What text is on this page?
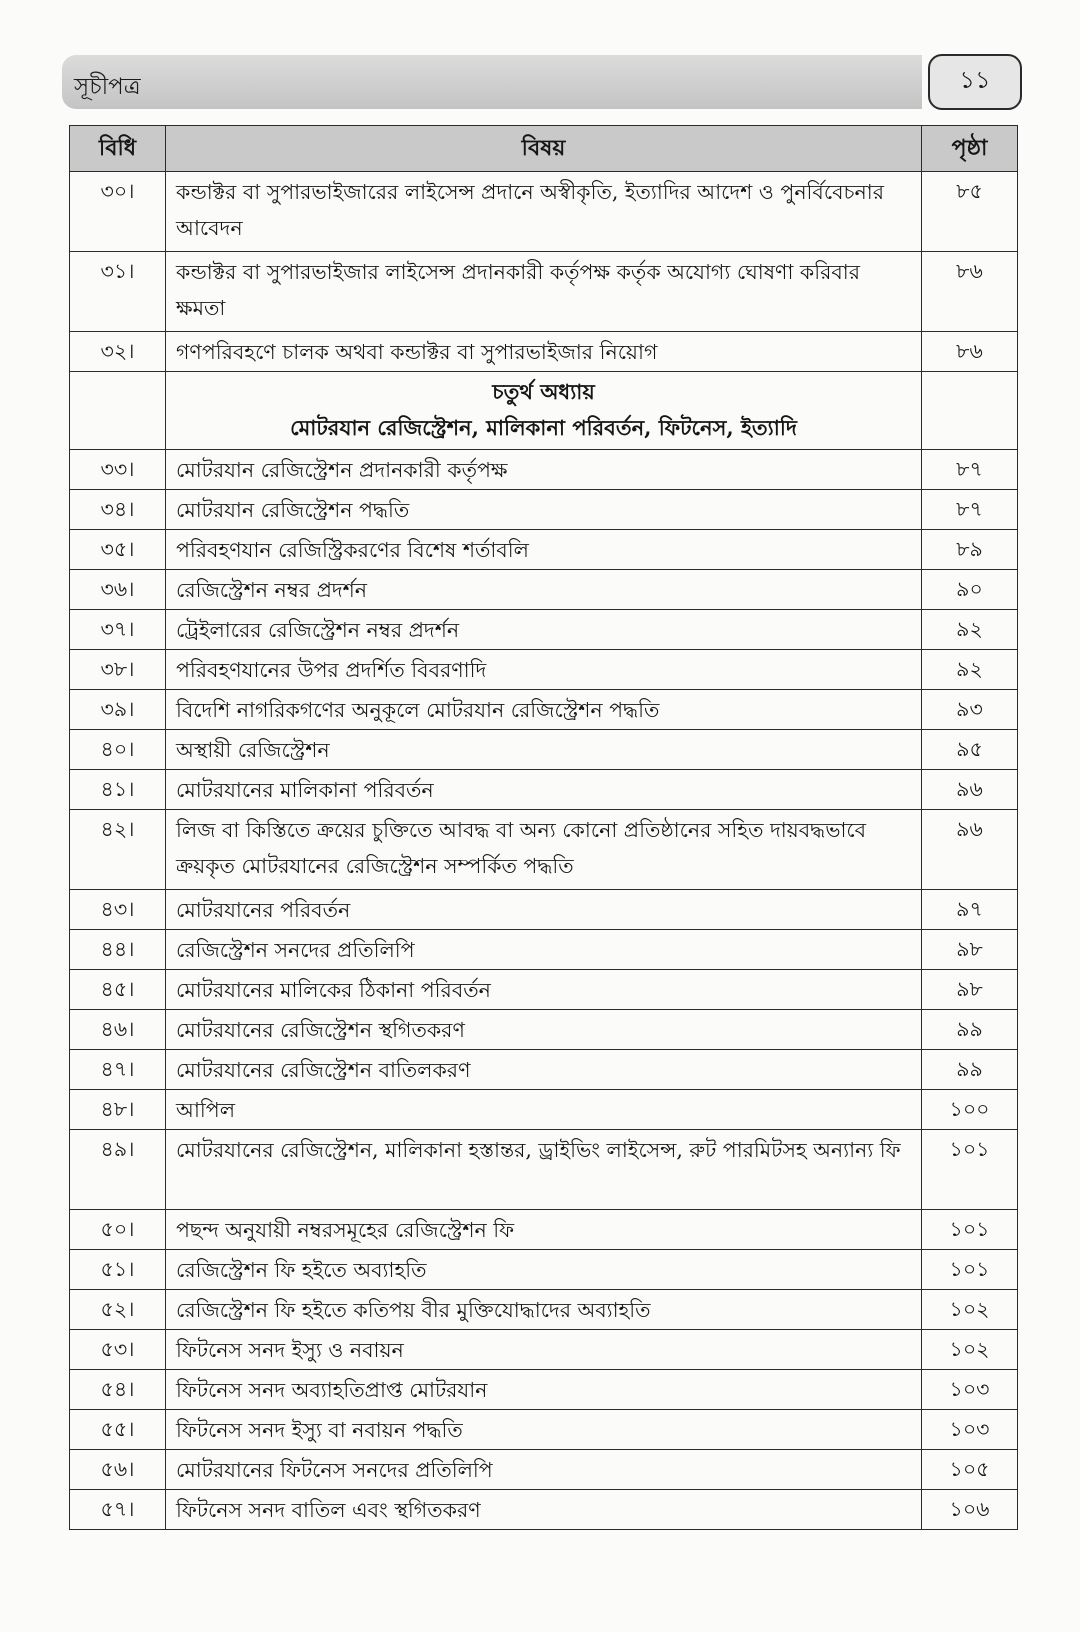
সূচীপত্র	১১
বিধি	বিষয়	পৃষ্ঠা
৩০।	কন্ডাক্টর বা সুপারভাইজারের লাইসেন্স প্রদানে অস্বীকৃতি, ইত্যাদির আদেশ ও পুনর্বিবেচনার আবেদন	৮৫
৩১।	কন্ডাক্টর বা সুপারভাইজার লাইসেন্স প্রদানকারী কর্তৃপক্ষ কর্তৃক অযোগ্য ঘোষণা করিবার ক্ষমতা	৮৬
৩২।	গণপরিবহণে চালক অথবা কন্ডাক্টর বা সুপারভাইজার নিয়োগ	৮৬

	চতুর্থ অধ্যায়
মোটরযান রেজিস্ট্রেশন, মালিকানা পরিবর্তন, ফিটনেস, ইত্যাদি	

৩৩।	মোটরযান রেজিস্ট্রেশন প্রদানকারী কর্তৃপক্ষ	৮৭
৩৪।	মোটরযান রেজিস্ট্রেশন পদ্ধতি	৮৭
৩৫।	পরিবহণযান রেজিস্ট্রিকরণের বিশেষ শর্তাবলি	৮৯
৩৬।	রেজিস্ট্রেশন নম্বর প্রদর্শন	৯০
৩৭।	ট্রেইলারের রেজিস্ট্রেশন নম্বর প্রদর্শন	৯২
৩৮।	পরিবহণযানের উপর প্রদর্শিত বিবরণাদি	৯২
৩৯।	বিদেশি নাগরিকগণের অনুকূলে মোটরযান রেজিস্ট্রেশন পদ্ধতি	৯৩
৪০।	অস্থায়ী রেজিস্ট্রেশন	৯৫
৪১।	মোটরযানের মালিকানা পরিবর্তন	৯৬
৪২।	লিজ বা কিস্তিতে ক্রয়ের চুক্তিতে আবদ্ধ বা অন্য কোনো প্রতিষ্ঠানের সহিত দায়বদ্ধভাবে ক্রয়কৃত মোটরযানের রেজিস্ট্রেশন সম্পর্কিত পদ্ধতি	৯৬
৪৩।	মোটরযানের পরিবর্তন	৯৭
৪৪।	রেজিস্ট্রেশন সনদের প্রতিলিপি	৯৮
৪৫।	মোটরযানের মালিকের ঠিকানা পরিবর্তন	৯৮
৪৬।	মোটরযানের রেজিস্ট্রেশন স্থগিতকরণ	৯৯
৪৭।	মোটরযানের রেজিস্ট্রেশন বাতিলকরণ	৯৯
৪৮।	আপিল	১০০
৪৯।	মোটরযানের রেজিস্ট্রেশন, মালিকানা হস্তান্তর, ড্রাইভিং লাইসেন্স, রুট পারমিটসহ অন্যান্য ফি	১০১
৫০।	পছন্দ অনুযায়ী নম্বরসমূহের রেজিস্ট্রেশন ফি	১০১
৫১।	রেজিস্ট্রেশন ফি হইতে অব্যাহতি	১০১
৫২।	রেজিস্ট্রেশন ফি হইতে কতিপয় বীর মুক্তিযোদ্ধাদের অব্যাহতি	১০২
৫৩।	ফিটনেস সনদ ইস্যু ও নবায়ন	১০২
৫৪।	ফিটনেস সনদ অব্যাহতিপ্রাপ্ত মোটরযান	১০৩
৫৫।	ফিটনেস সনদ ইস্যু বা নবায়ন পদ্ধতি	১০৩
৫৬।	মোটরযানের ফিটনেস সনদের প্রতিলিপি	১০৫
৫৭।	ফিটনেস সনদ বাতিল এবং স্থগিতকরণ	১০৬
